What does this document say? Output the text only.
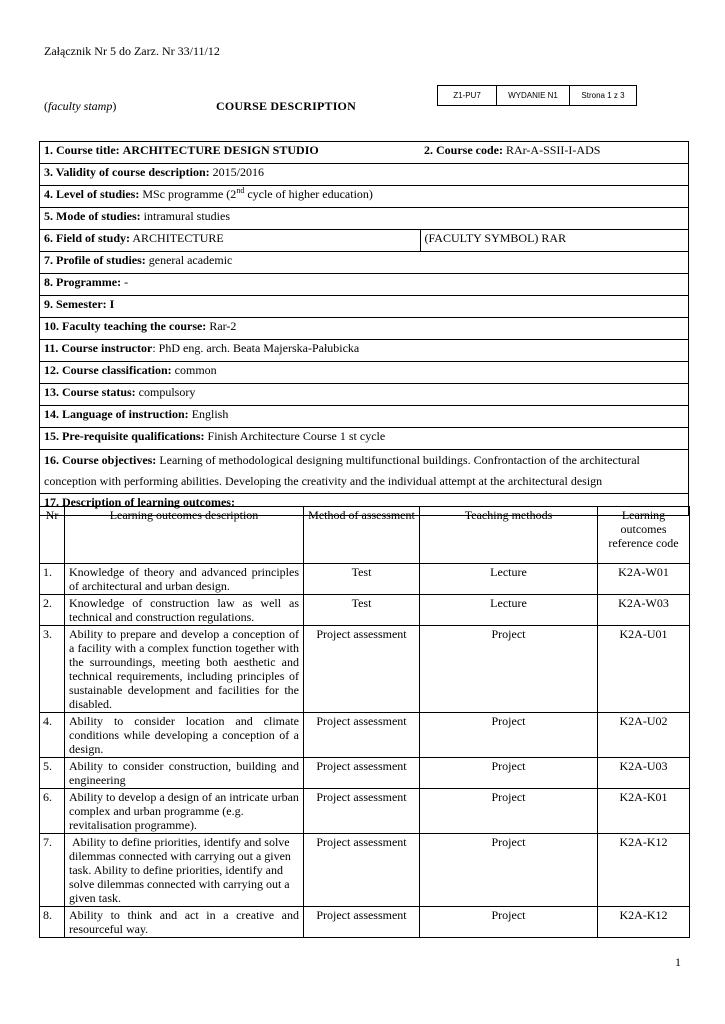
Załącznik Nr 5 do Zarz. Nr 33/11/12
(faculty stamp)	COURSE DESCRIPTION
Z1-PU7	WYDANIE N1	Strona 1 z 3
1. Course title: ARCHITECTURE DESIGN STUDIO	2. Course code: RAr-A-SSII-I-ADS
3. Validity of course description: 2015/2016	
4. Level of studies: MSc programme (2nd cycle of higher education)	
5. Mode of studies: intramural studies	
6. Field of study: ARCHITECTURE	(FACULTY SYMBOL) RAR
7. Profile of studies: general academic	
8. Programme: -	
9. Semester: I	
10. Faculty teaching the course: Rar-2	
11. Course instructor: PhD eng. arch. Beata Majerska-Pałubicka	
12. Course classification: common	
13. Course status: compulsory	
14. Language of instruction: English	
15. Pre-requisite qualifications: Finish Architecture Course 1 st cycle	
16. Course objectives: Learning of methodological designing multifunctional buildings. Confrontaction of the architectural conception with performing abilities. Developing the creativity and the individual attempt at the architectural design	
17. Description of learning outcomes:	
Nr	Learning outcomes description	Method of assessment	Teaching methods	Learning outcomes reference code
1.	Knowledge of theory and advanced principles of architectural and urban design.	Test	Lecture	K2A-W01
2.	Knowledge of construction law as well as technical and construction regulations.	Test	Lecture	K2A-W03
3.	Ability to prepare and develop a conception of a facility with a complex function together with the surroundings, meeting both aesthetic and technical requirements, including principles of sustainable development and facilities for the disabled.	Project assessment	Project	K2A-U01
4.	Ability to consider location and climate conditions while developing a conception of a design.	Project assessment	Project	K2A-U02
5.	Ability to consider construction, building and engineering	Project assessment	Project	K2A-U03
6.	Ability to develop a design of an intricate urban complex and urban programme (e.g. revitalisation programme).	Project assessment	Project	K2A-K01
7.	Ability to define priorities, identify and solve dilemmas connected with carrying out a given task. Ability to define priorities, identify and solve dilemmas connected with carrying out a given task.	Project assessment	Project	K2A-K12
8.	Ability to think and act in a creative and resourceful way.	Project assessment	Project	K2A-K12
1
